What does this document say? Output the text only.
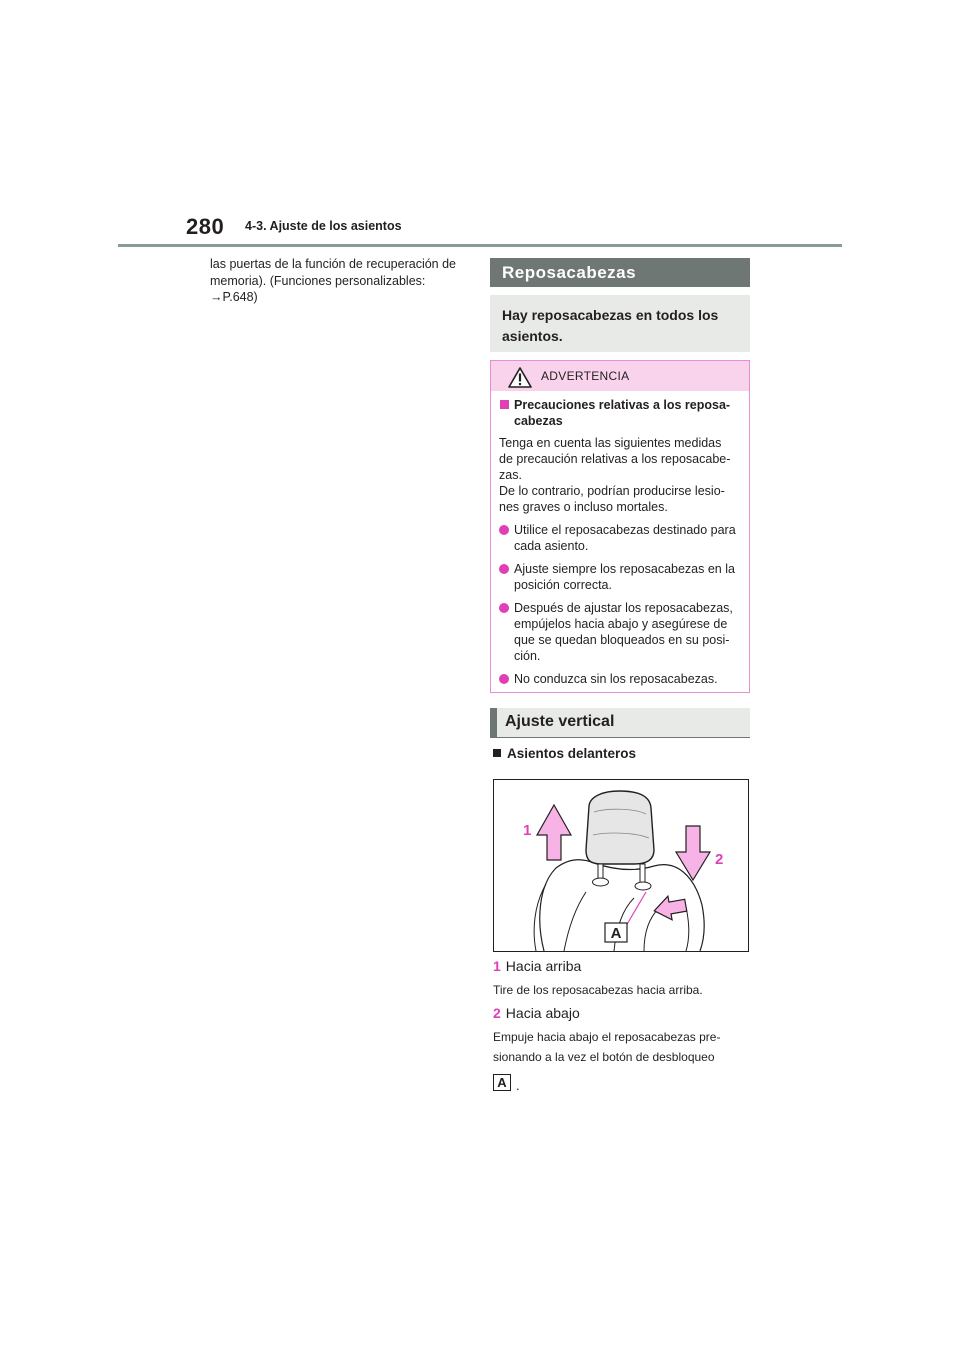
280 4-3. Ajuste de los asientos
las puertas de la función de recuperación de
memoria). (Funciones personalizables:
→P.648)
Reposacabezas
Hay reposacabezas en todos los
asientos.
ADVERTENCIA
Precauciones relativas a los reposa-
cabezas
Tenga en cuenta las siguientes medidas
de precaución relativas a los reposacabe-
zas.
De lo contrario, podrían producirse lesio-
nes graves o incluso mortales.
Utilice el reposacabezas destinado para
cada asiento.
Ajuste siempre los reposacabezas en la
posición correcta.
Después de ajustar los reposacabezas,
empújelos hacia abajo y asegúrese de
que se quedan bloqueados en su posi-
ción.
No conduzca sin los reposacabezas.
Ajuste vertical
Asientos delanteros
1
2
A
1 Hacia arriba
Tire de los reposacabezas hacia arriba.
2 Hacia abajo
Empuje hacia abajo el reposacabezas pre-
sionando a la vez el botón de desbloqueo
A .
